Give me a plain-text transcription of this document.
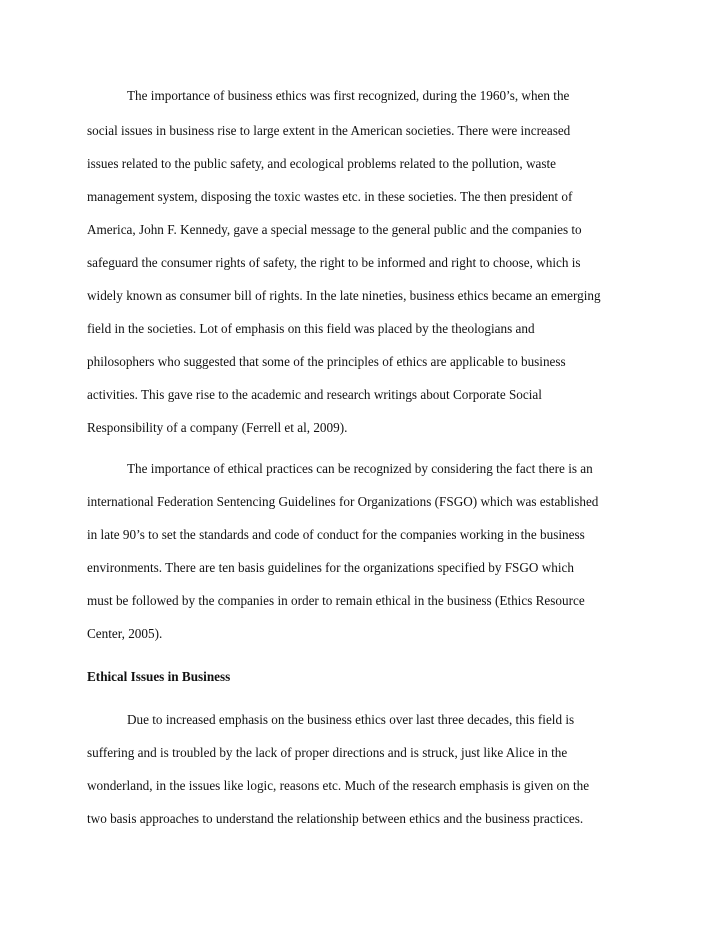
The importance of business ethics was first recognized, during the 1960’s, when the
social issues in business rise to large extent in the American societies. There were increased
issues related to the public safety, and ecological problems related to the pollution, waste
management system, disposing the toxic wastes etc. in these societies. The then president of
America, John F. Kennedy, gave a special message to the general public and the companies to
safeguard the consumer rights of safety, the right to be informed and right to choose, which is
widely known as consumer bill of rights. In the late nineties, business ethics became an emerging
field in the societies. Lot of emphasis on this field was placed by the theologians and
philosophers who suggested that some of the principles of ethics are applicable to business
activities. This gave rise to the academic and research writings about Corporate Social
Responsibility of a company (Ferrell et al, 2009).
The importance of ethical practices can be recognized by considering the fact there is an
international Federation Sentencing Guidelines for Organizations (FSGO) which was established
in late 90’s to set the standards and code of conduct for the companies working in the business
environments. There are ten basis guidelines for the organizations specified by FSGO which
must be followed by the companies in order to remain ethical in the business (Ethics Resource
Center, 2005).
Ethical Issues in Business
Due to increased emphasis on the business ethics over last three decades, this field is
suffering and is troubled by the lack of proper directions and is struck, just like Alice in the
wonderland, in the issues like logic, reasons etc. Much of the research emphasis is given on the
two basis approaches to understand the relationship between ethics and the business practices.
